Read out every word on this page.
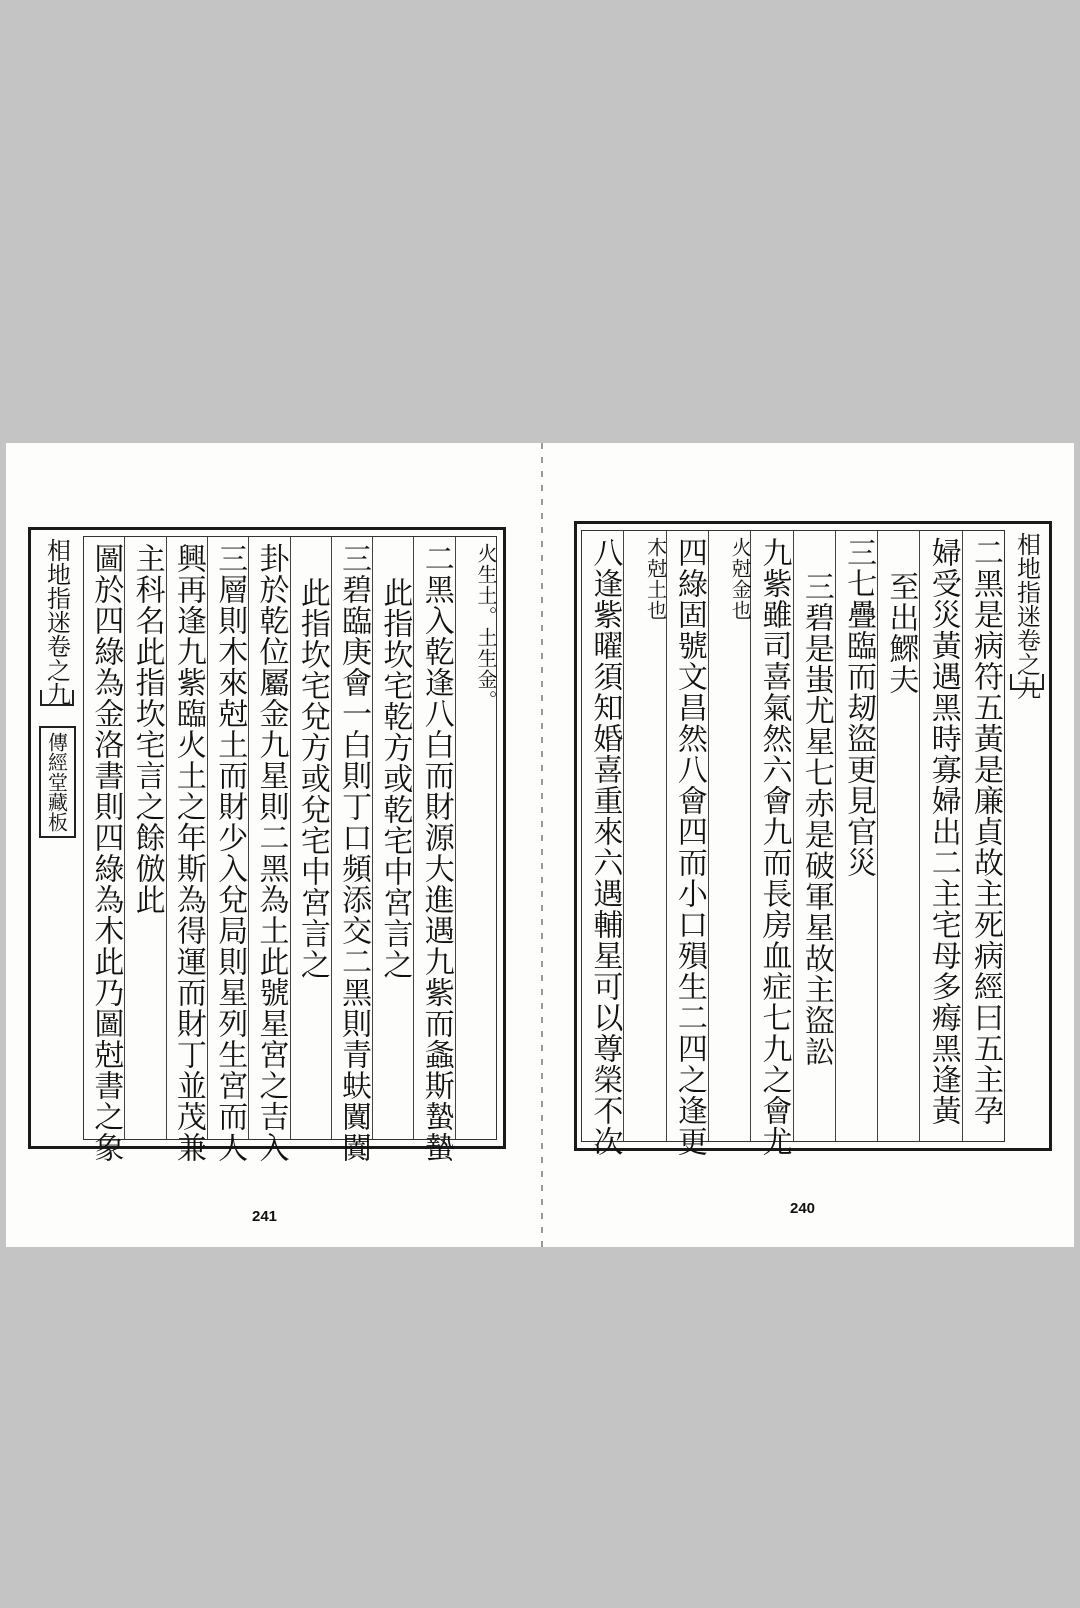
相地指迷卷之九
傳經堂藏板
火生土。土生金。
二黑入乾逢八白而財源大進遇九紫而螽斯蟄蟄
此指坎宅乾方或乾宅中宮言之
三碧臨庚會一白則丁口頻添交二黑則青蚨闐闐
此指坎宅兌方或兌宅中宮言之
卦於乾位屬金九星則二黑為土此號星宮之吉入
三層則木來尅土而財少入兌局則星列生宮而人
興再逢九紫臨火土之年斯為得運而財丁並茂兼
主科名此指坎宅言之餘倣此
圖於四綠為金洛書則四綠為木此乃圖尅書之象	二黑是病符五黃是廉貞故主死病經曰五主孕
婦受災黃遇黑時寡婦出二主宅母多痗黑逢黃
至出鰥夫
三七疊臨而刼盜更見官災
三碧是蚩尤星七赤是破軍星故主盜訟
九紫雖司喜氣然六會九而長房血症七九之會尤
火尅金也
四綠固號文昌然八會四而小口殞生二四之逢更
木尅土也
八逢紫曜須知婚喜重來六遇輔星可以尊榮不次	相地指迷卷之九
241	240
